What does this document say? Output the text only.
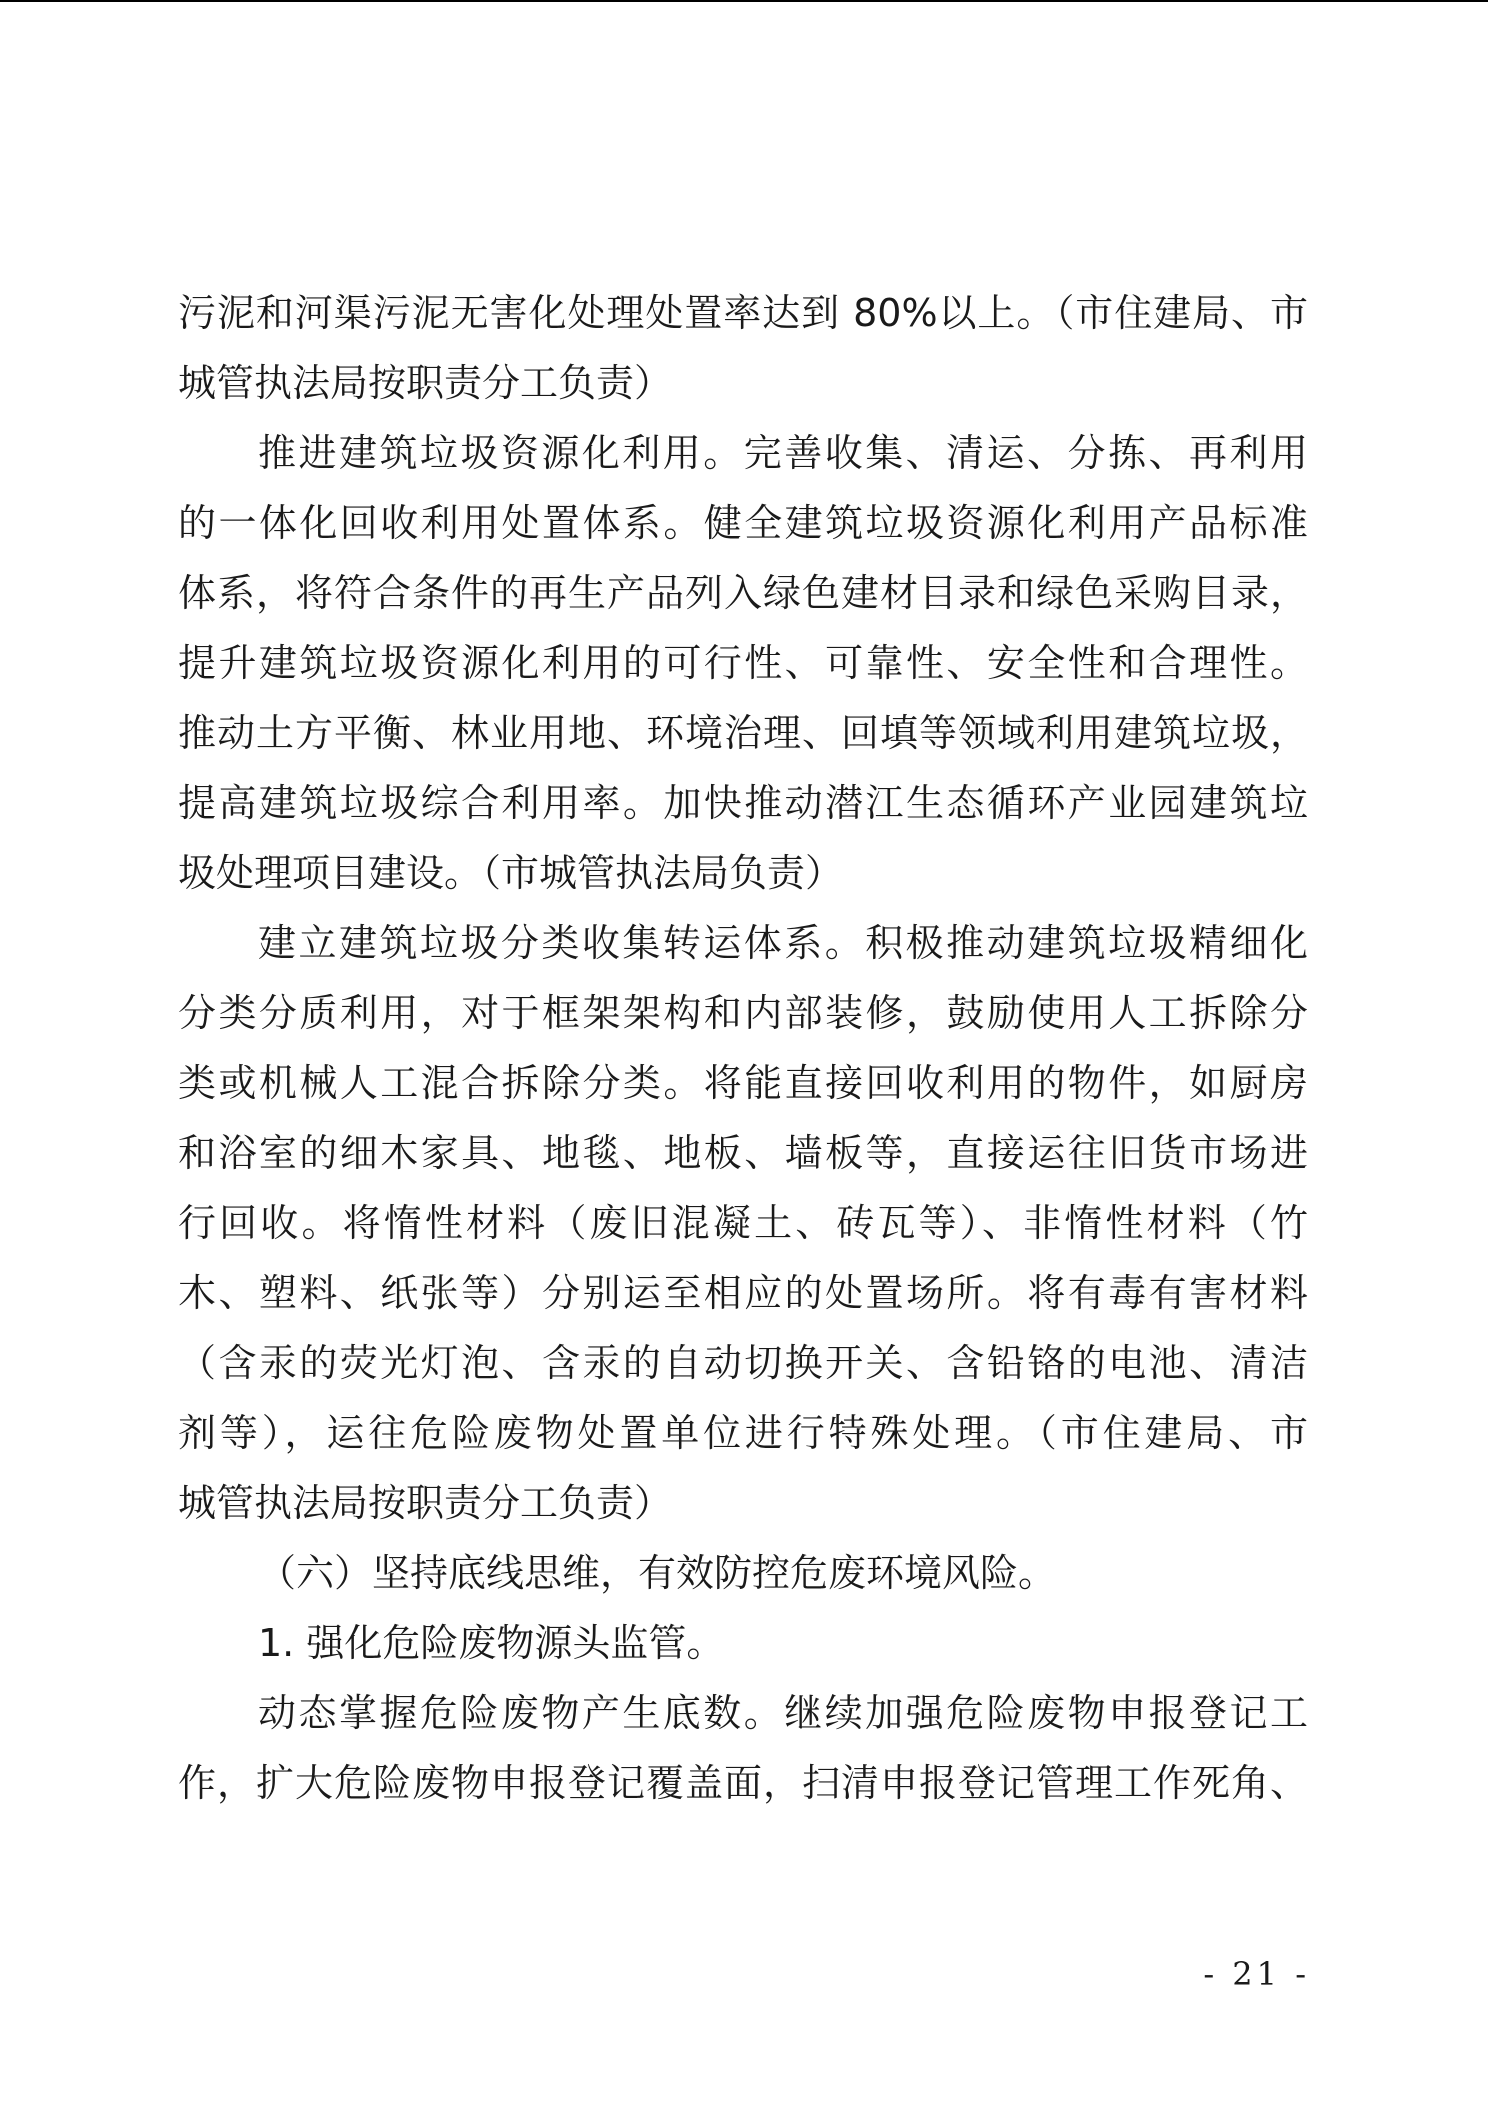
污泥和河渠污泥无害化处理处置率达到 80%以上。（市住建局、市
城管执法局按职责分工负责）
推进建筑垃圾资源化利用。完善收集、清运、分拣、再利用
的一体化回收利用处置体系。健全建筑垃圾资源化利用产品标准
体系，将符合条件的再生产品列入绿色建材目录和绿色采购目录，
提升建筑垃圾资源化利用的可行性、可靠性、安全性和合理性。
推动土方平衡、林业用地、环境治理、回填等领域利用建筑垃圾，
提高建筑垃圾综合利用率。加快推动潜江生态循环产业园建筑垃
圾处理项目建设。（市城管执法局负责）
建立建筑垃圾分类收集转运体系。积极推动建筑垃圾精细化
分类分质利用，对于框架架构和内部装修，鼓励使用人工拆除分
类或机械人工混合拆除分类。将能直接回收利用的物件，如厨房
和浴室的细木家具、地毯、地板、墙板等，直接运往旧货市场进
行回收。将惰性材料（废旧混凝土、砖瓦等）、非惰性材料（竹
木、塑料、纸张等）分别运至相应的处置场所。将有毒有害材料
（含汞的荧光灯泡、含汞的自动切换开关、含铅铬的电池、清洁
剂等），运往危险废物处置单位进行特殊处理。（市住建局、市
城管执法局按职责分工负责）
（六）坚持底线思维，有效防控危废环境风险。
1. 强化危险废物源头监管。
动态掌握危险废物产生底数。继续加强危险废物申报登记工
作，扩大危险废物申报登记覆盖面，扫清申报登记管理工作死角、
- 21 -
